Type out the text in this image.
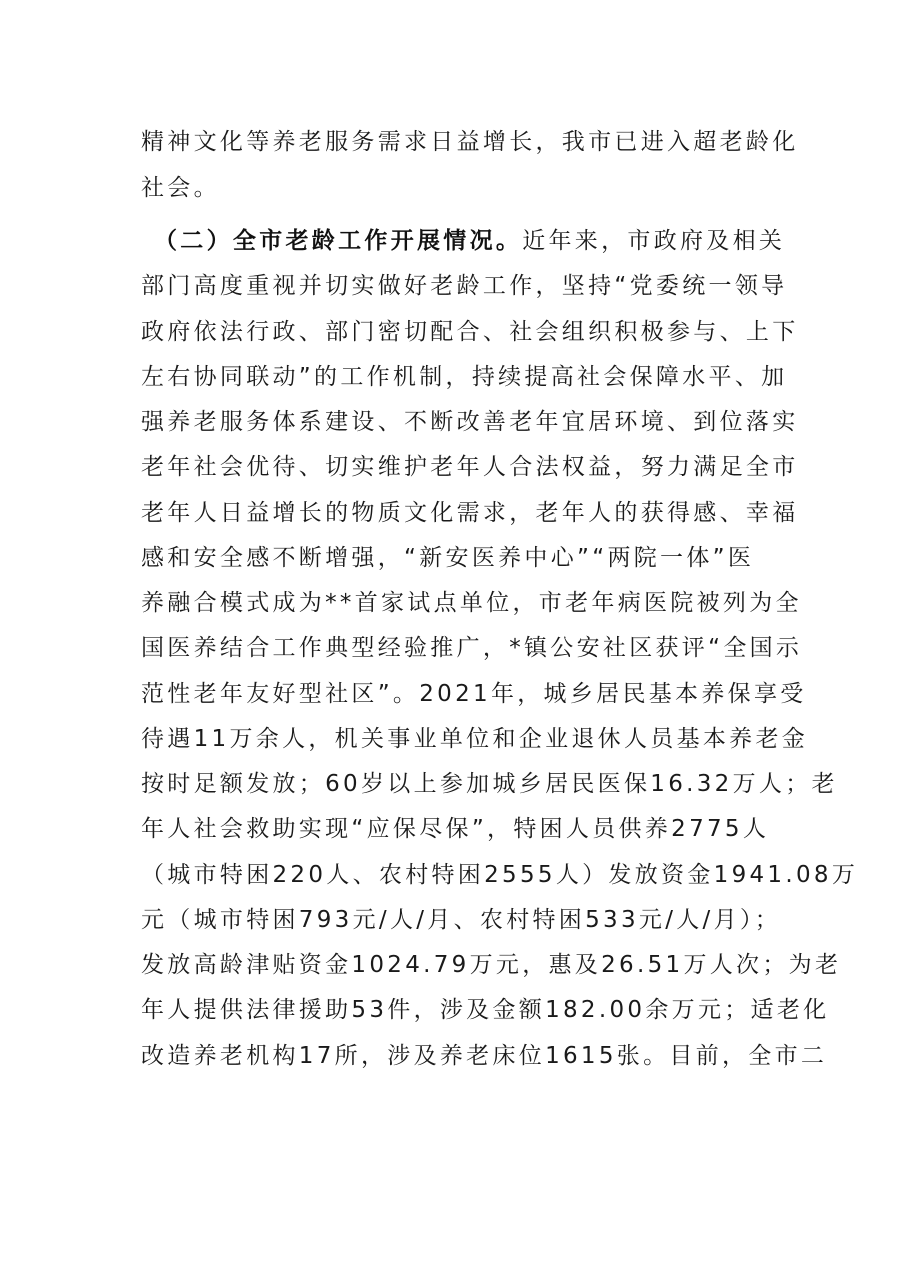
精神文化等养老服务需求日益增长，我市已进入超老龄化
社会。
（二）全市老龄工作开展情况。近年来，市政府及相关
部门高度重视并切实做好老龄工作，坚持“党委统一领导
政府依法行政、部门密切配合、社会组织积极参与、上下
左右协同联动”的工作机制，持续提高社会保障水平、加
强养老服务体系建设、不断改善老年宜居环境、到位落实
老年社会优待、切实维护老年人合法权益，努力满足全市
老年人日益增长的物质文化需求，老年人的获得感、幸福
感和安全感不断增强，“新安医养中心”“两院一体”医
养融合模式成为**首家试点单位，市老年病医院被列为全
国医养结合工作典型经验推广，*镇公安社区获评“全国示
范性老年友好型社区”。2021年，城乡居民基本养保享受
待遇11万余人，机关事业单位和企业退休人员基本养老金
按时足额发放；60岁以上参加城乡居民医保16.32万人；老
年人社会救助实现“应保尽保”，特困人员供养2775人
（城市特困220人、农村特困2555人）发放资金1941.08万
元（城市特困793元/人/月、农村特困533元/人/月）；
发放高龄津贴资金1024.79万元，惠及26.51万人次；为老
年人提供法律援助53件，涉及金额182.00余万元；适老化
改造养老机构17所，涉及养老床位1615张。目前，全市二
